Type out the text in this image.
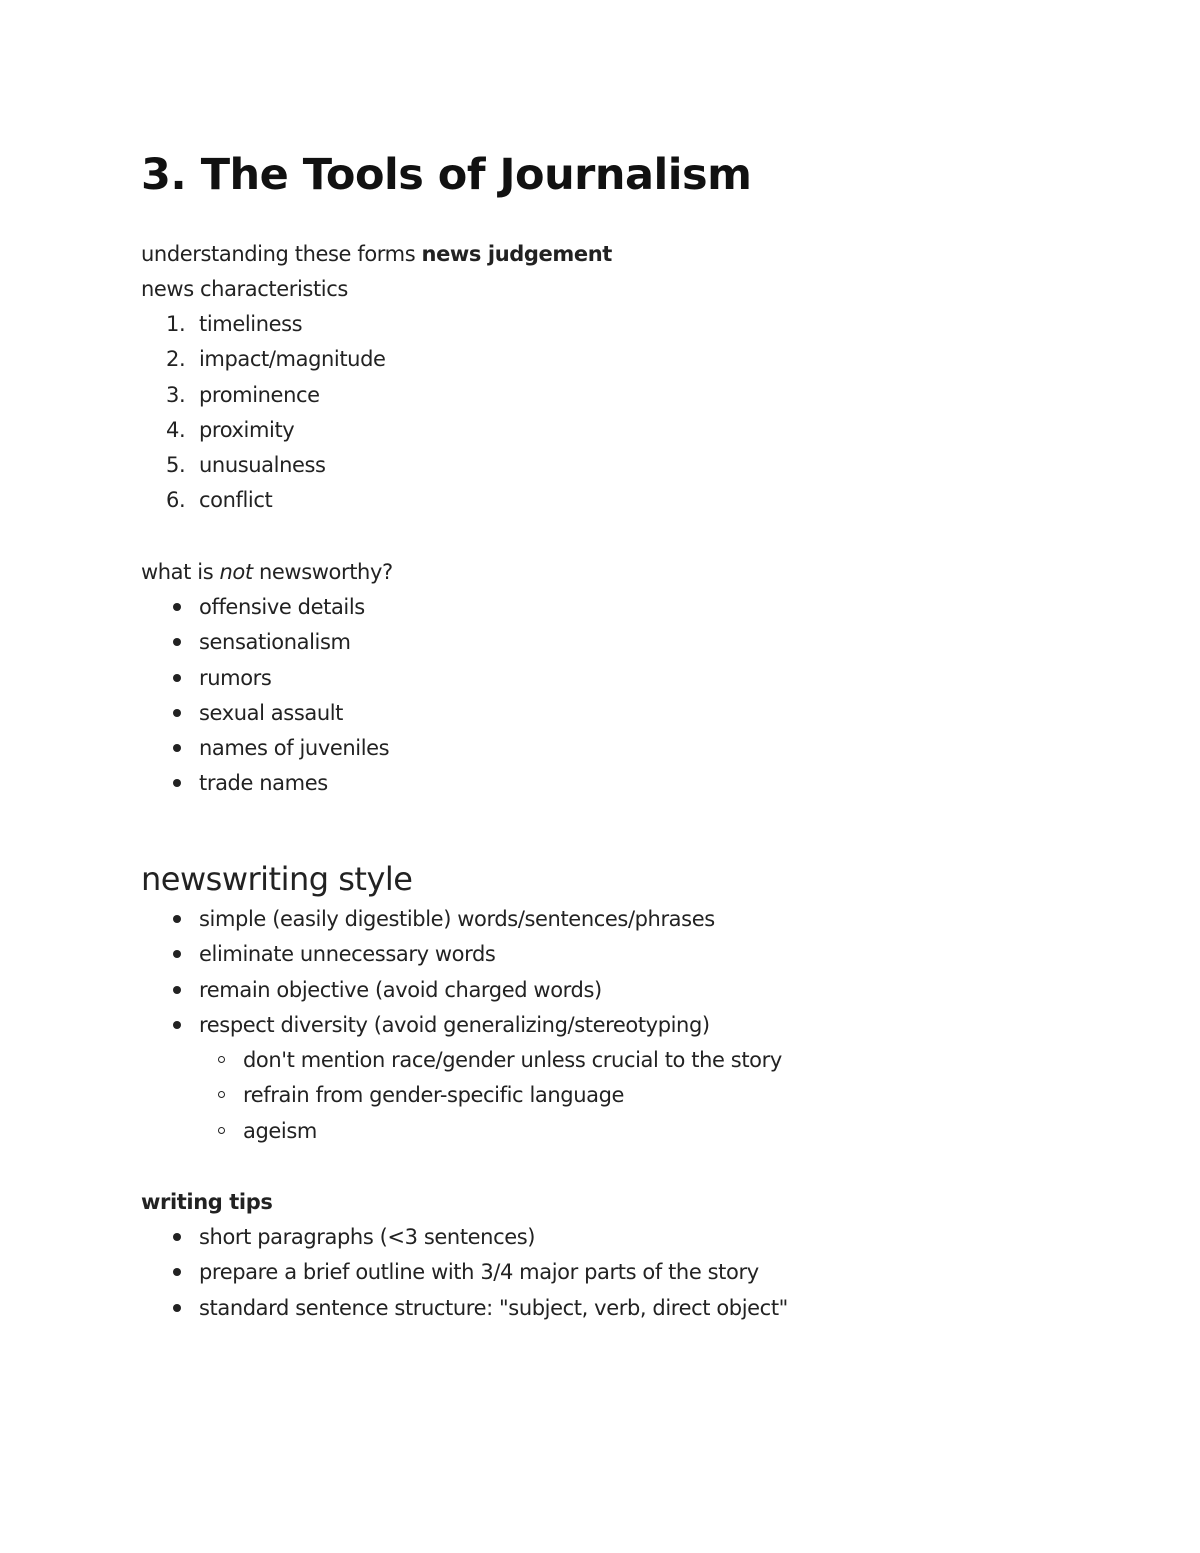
3. The Tools of Journalism

understanding these forms news judgement

news characteristics

1. timeliness
2. impact/magnitude
3. prominence
4. proximity
5. unusualness
6. conflict

what is not newsworthy?

offensive details
sensationalism
rumors
sexual assault
names of juveniles
trade names
newswriting style
simple (easily digestible) words/sentences/phrases
eliminate unnecessary words
remain objective (avoid charged words)
respect diversity (avoid generalizing/stereotyping)
don't mention race/gender unless crucial to the story
refrain from gender-specific language
ageism

writing tips

short paragraphs (<3 sentences)
prepare a brief outline with 3/4 major parts of the story
standard sentence structure: "subject, verb, direct object"
